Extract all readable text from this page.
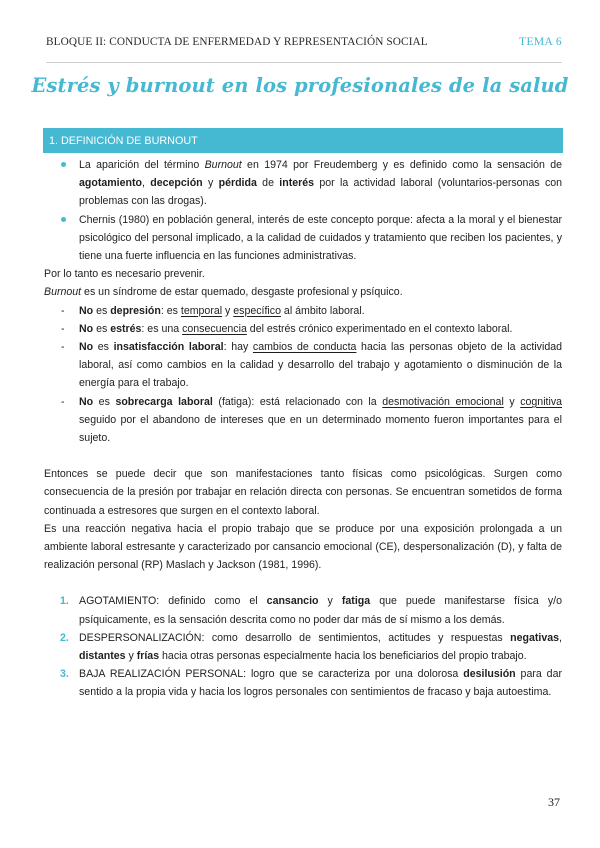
BLOQUE II: CONDUCTA DE ENFERMEDAD Y REPRESENTACIÓN SOCIAL	TEMA 6
Estrés y burnout en los profesionales de la salud
1. DEFINICIÓN DE BURNOUT
La aparición del término Burnout en 1974 por Freudemberg y es definido como la sensación de agotamiento, decepción y pérdida de interés por la actividad laboral (voluntarios-personas con problemas con las drogas).
Chernis (1980) en población general, interés de este concepto porque: afecta a la moral y el bienestar psicológico del personal implicado, a la calidad de cuidados y tratamiento que reciben los pacientes, y tiene una fuerte influencia en las funciones administrativas.

Por lo tanto es necesario prevenir.

Burnout es un síndrome de estar quemado, desgaste profesional y psíquico.

- No es depresión: es temporal y específico al ámbito laboral.
- No es estrés: es una consecuencia del estrés crónico experimentado en el contexto laboral.
- No es insatisfacción laboral: hay cambios de conducta hacia las personas objeto de la actividad laboral, así como cambios en la calidad y desarrollo del trabajo y agotamiento o disminución de la energía para el trabajo.
- No es sobrecarga laboral (fatiga): está relacionado con la desmotivación emocional y cognitiva seguido por el abandono de intereses que en un determinado momento fueron importantes para el sujeto.

Entonces se puede decir que son manifestaciones tanto físicas como psicológicas. Surgen como consecuencia de la presión por trabajar en relación directa con personas. Se encuentran sometidos de forma continuada a estresores que surgen en el contexto laboral.

Es una reacción negativa hacia el propio trabajo que se produce por una exposición prolongada a un ambiente laboral estresante y caracterizado por cansancio emocional (CE), despersonalización (D), y falta de realización personal (RP) Maslach y Jackson (1981, 1996).

1. AGOTAMIENTO: definido como el cansancio y fatiga que puede manifestarse física y/o psíquicamente, es la sensación descrita como no poder dar más de sí mismo a los demás.
2. DESPERSONALIZACIÓN: como desarrollo de sentimientos, actitudes y respuestas negativas, distantes y frías hacia otras personas especialmente hacia los beneficiarios del propio trabajo.
3. BAJA REALIZACIÓN PERSONAL: logro que se caracteriza por una dolorosa desilusión para dar sentido a la propia vida y hacia los logros personales con sentimientos de fracaso y baja autoestima.
37
